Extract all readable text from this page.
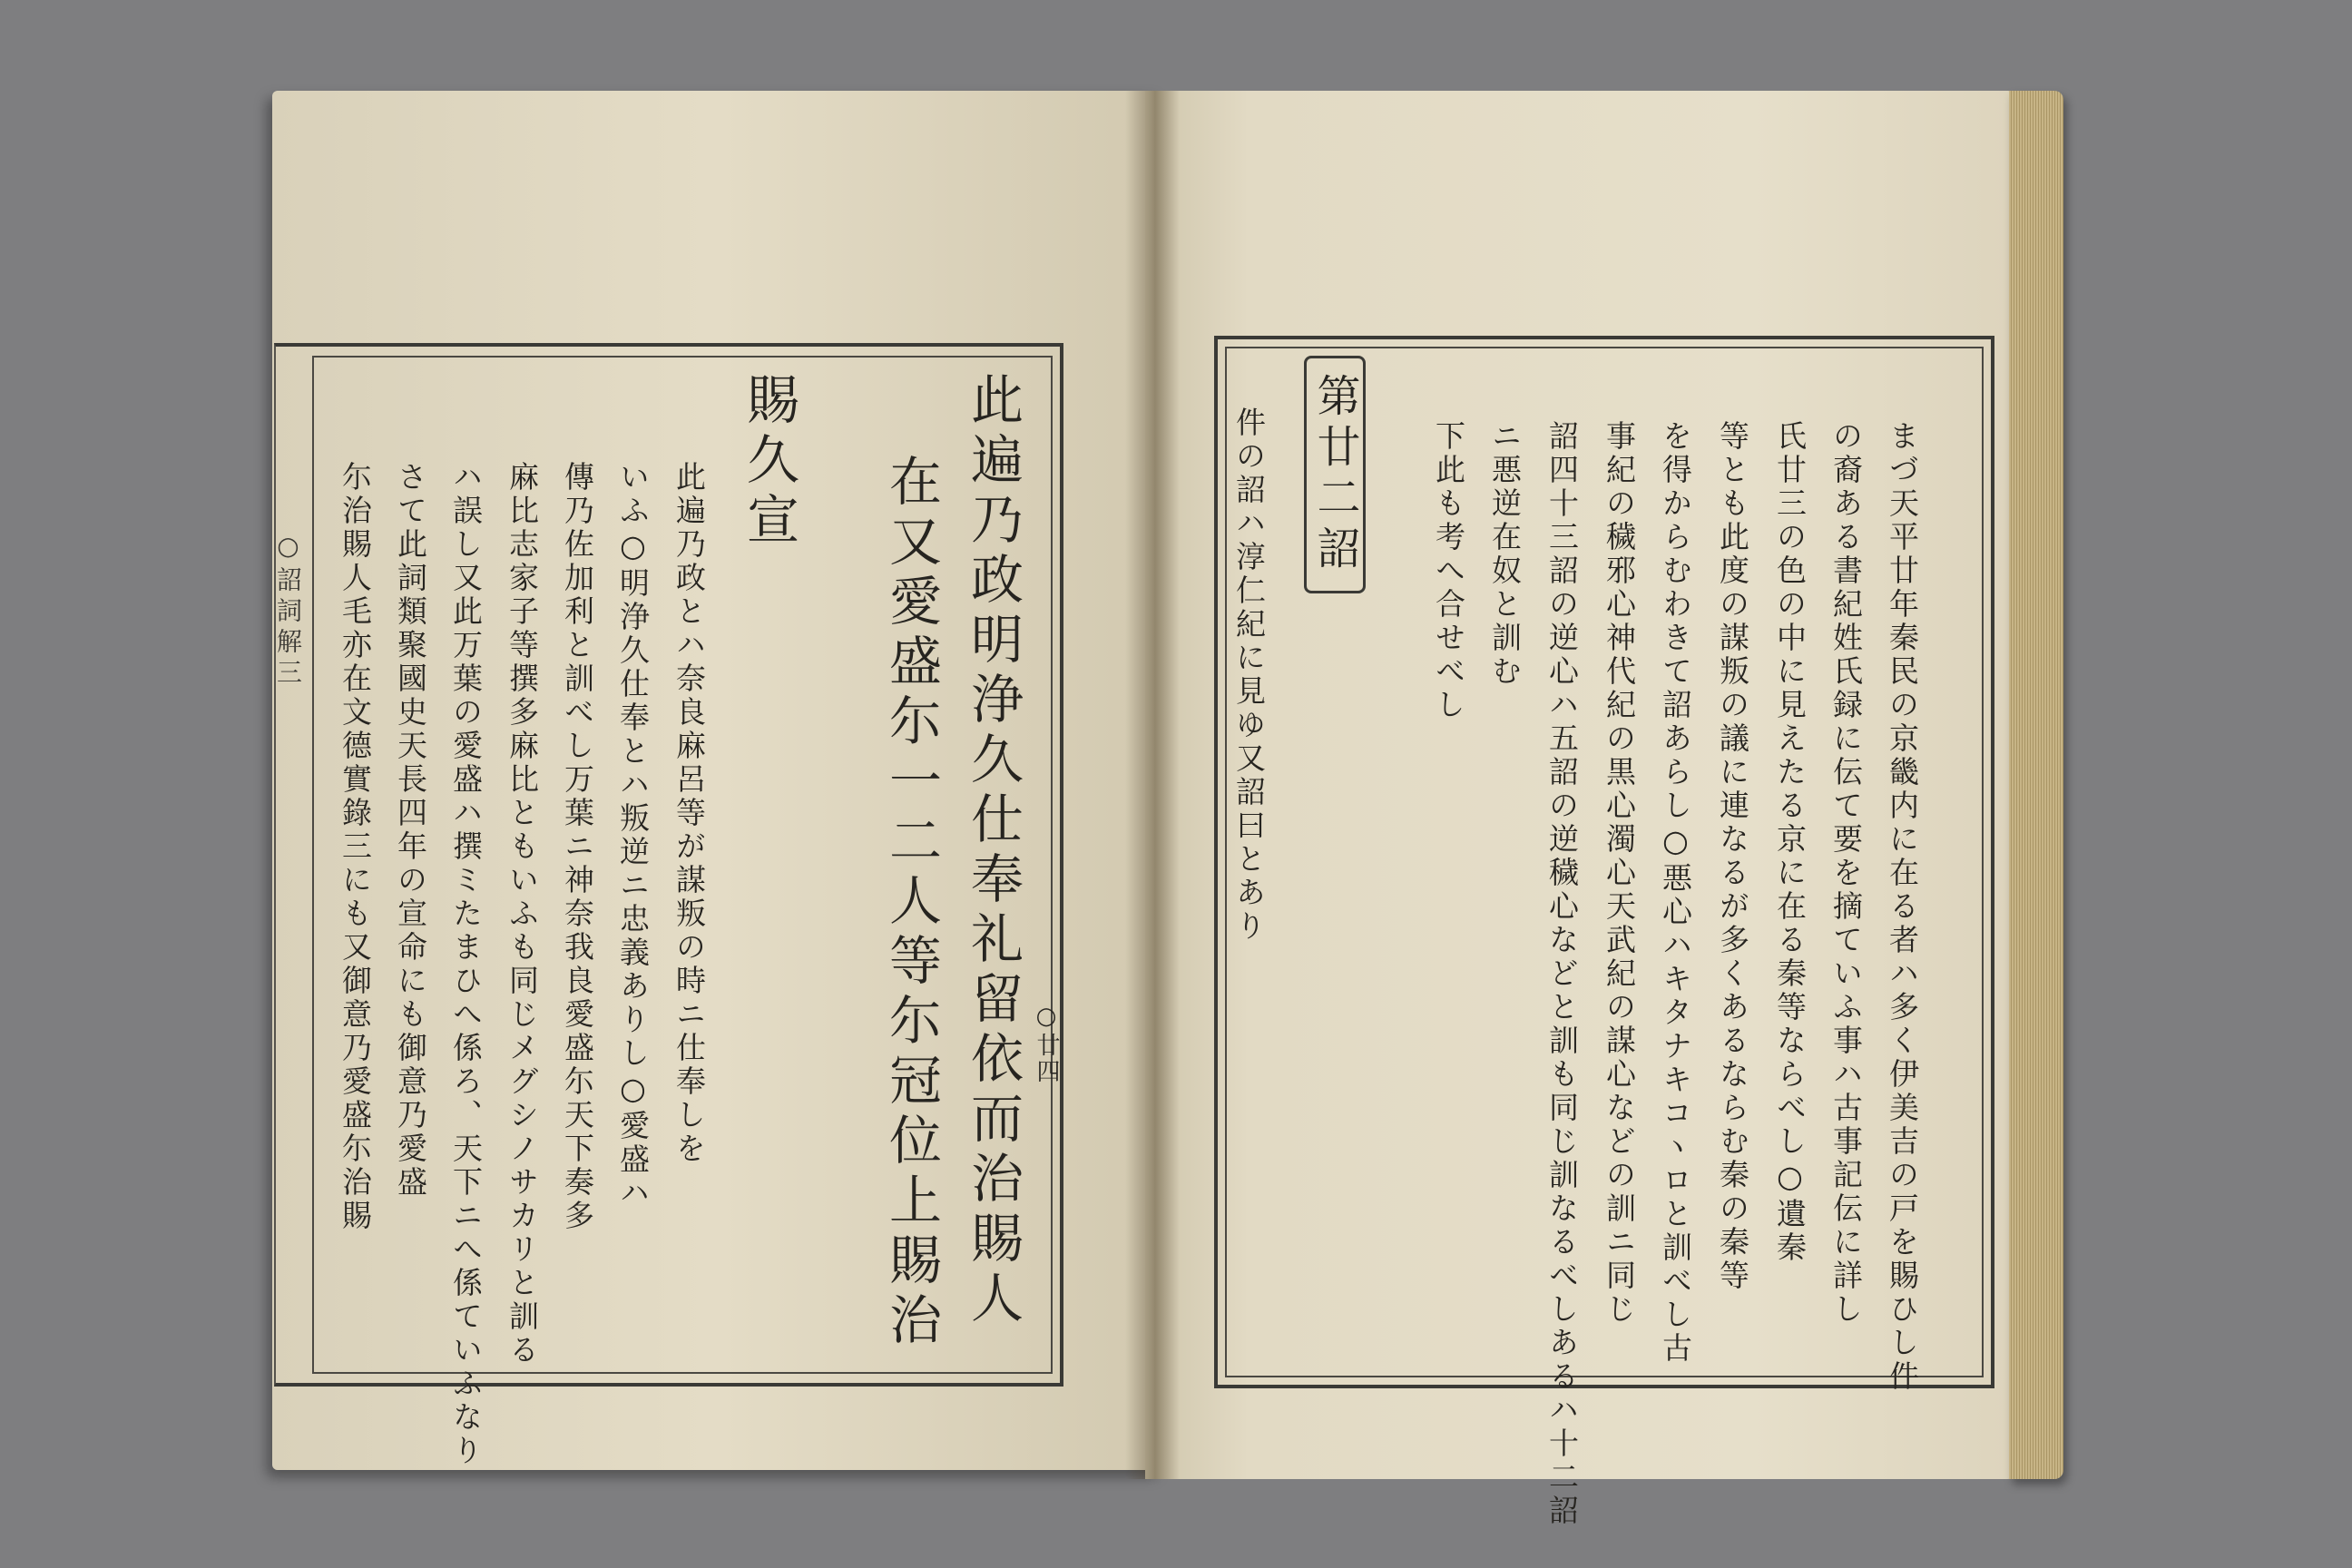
○詔詞解三
○廿四
此遍乃政明浄久仕奉礼留依而治賜人
在又愛盛尓一二人等尓冠位上賜治
賜久宣
此遍乃政とハ奈良麻呂等が謀叛の時ニ仕奉しを
いふ○明浄久仕奉とハ叛逆ニ忠義ありし○愛盛ハ
傳乃佐加利と訓べし万葉ニ神奈我良愛盛尓天下奏多
麻比志家子等撰多麻比ともいふも同じメグシノサカリと訓る
ハ誤し又此万葉の愛盛ハ撰ミたまひへ係ろ、天下ニへ係ていふなり
さて此詞類聚國史天長四年の宣命にも御意乃愛盛
尓治賜人毛亦在文德實錄三にも又御意乃愛盛尓治賜	第廿二詔
件の詔ハ淳仁紀に見ゆ又詔曰とあり	下此も考へ合せべし ニ悪逆在奴と訓む 詔四十三詔の逆心ハ五詔の逆穢心などと訓も同じ訓なるべしあるハ十二詔 事紀の穢邪心神代紀の黒心濁心天武紀の謀心などの訓ニ同じ を得からむわきて詔あらし○悪心ハキタナキコヽロと訓べし古 等とも此度の謀叛の議に連なるが多くあるならむ秦の秦等 氏廿三の色の中に見えたる京に在る秦等ならべし○遺秦 の裔ある書紀姓氏録に伝て要を摘ていふ事ハ古事記伝に詳し まづ天平廿年秦民の京畿内に在る者ハ多く伊美吉の戸を賜ひし件
